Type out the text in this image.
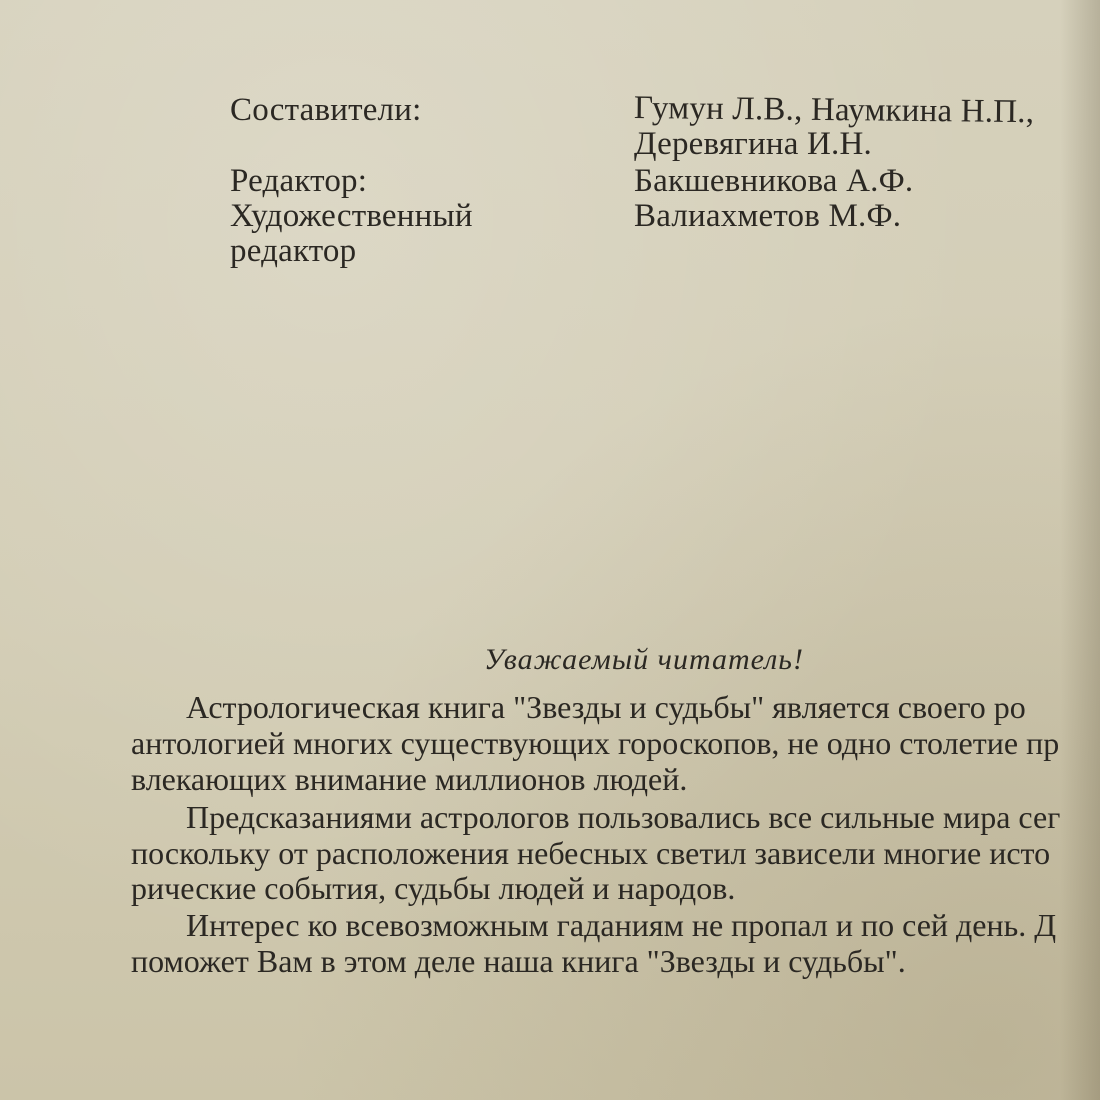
Составители:	Гумун Л.В., Наумкина Н.П.,
Деревягина И.Н.
Редактор:	Бакшевникова А.Ф.
Художественный	Валиахметов М.Ф.
редактор
Уважаемый читатель!
Астрологическая книга "Звезды и судьбы" является своего ро
антологией многих существующих гороскопов, не одно столетие пр
влекающих внимание миллионов людей.
Предсказаниями астрологов пользовались все сильные мира сег
поскольку от расположения небесных светил зависели многие исто
рические события, судьбы людей и народов.
Интерес ко всевозможным гаданиям не пропал и по сей день. Д
поможет Вам в этом деле наша книга "Звезды и судьбы".
